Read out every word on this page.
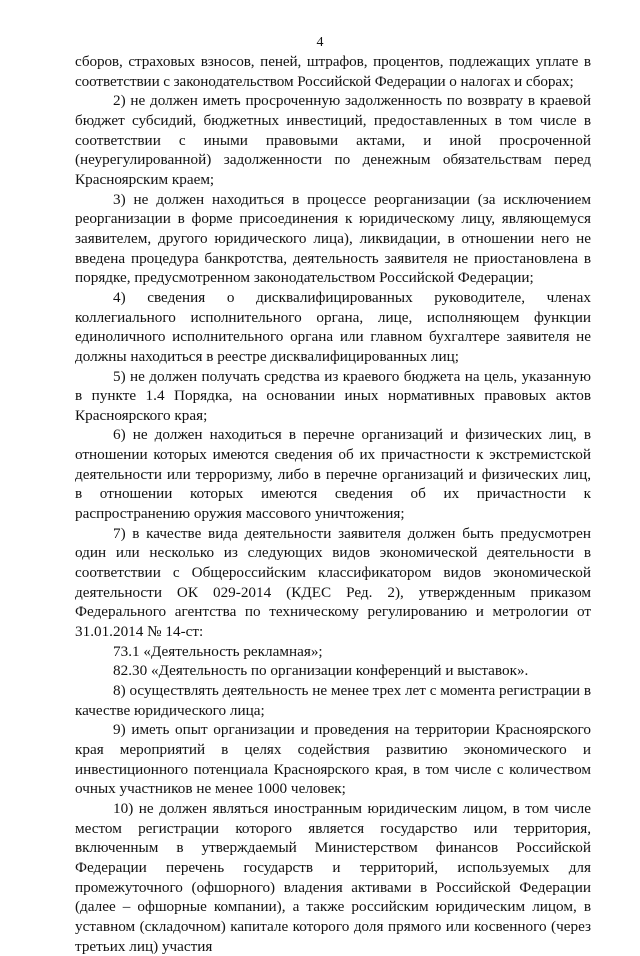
4

сборов, страховых взносов, пеней, штрафов, процентов, подлежащих уплате в соответствии с законодательством Российской Федерации о налогах и сборах;

2) не должен иметь просроченную задолженность по возврату в краевой бюджет субсидий, бюджетных инвестиций, предоставленных в том числе в соответствии с иными правовыми актами, и иной просроченной (неурегулированной) задолженности по денежным обязательствам перед Красноярским краем;

3) не должен находиться в процессе реорганизации (за исключением реорганизации в форме присоединения к юридическому лицу, являющемуся заявителем, другого юридического лица), ликвидации, в отношении него не введена процедура банкротства, деятельность заявителя не приостановлена в порядке, предусмотренном законодательством Российской Федерации;

4) сведения о дисквалифицированных руководителе, членах коллегиального исполнительного органа, лице, исполняющем функции единоличного исполнительного органа или главном бухгалтере заявителя не должны находиться в реестре дисквалифицированных лиц;

5) не должен получать средства из краевого бюджета на цель, указанную в пункте 1.4 Порядка, на основании иных нормативных правовых актов Красноярского края;

6) не должен находиться в перечне организаций и физических лиц, в отношении которых имеются сведения об их причастности к экстремистской деятельности или терроризму, либо в перечне организаций и физических лиц, в отношении которых имеются сведения об их причастности к распространению оружия массового уничтожения;

7) в качестве вида деятельности заявителя должен быть предусмотрен один или несколько из следующих видов экономической деятельности в соответствии с Общероссийским классификатором видов экономической деятельности ОК 029-2014 (КДЕС Ред. 2), утвержденным приказом Федерального агентства по техническому регулированию и метрологии от 31.01.2014 № 14-ст:

73.1 «Деятельность рекламная»;

82.30 «Деятельность по организации конференций и выставок».

8) осуществлять деятельность не менее трех лет с момента регистрации в качестве юридического лица;

9) иметь опыт организации и проведения на территории Красноярского края мероприятий в целях содействия развитию экономического и инвестиционного потенциала Красноярского края, в том числе с количеством очных участников не менее 1000 человек;

10) не должен являться иностранным юридическим лицом, в том числе местом регистрации которого является государство или территория, включенным в утверждаемый Министерством финансов Российской Федерации перечень государств и территорий, используемых для промежуточного (офшорного) владения активами в Российской Федерации (далее – офшорные компании), а также российским юридическим лицом, в уставном (складочном) капитале которого доля прямого или косвенного (через третьих лиц) участия
